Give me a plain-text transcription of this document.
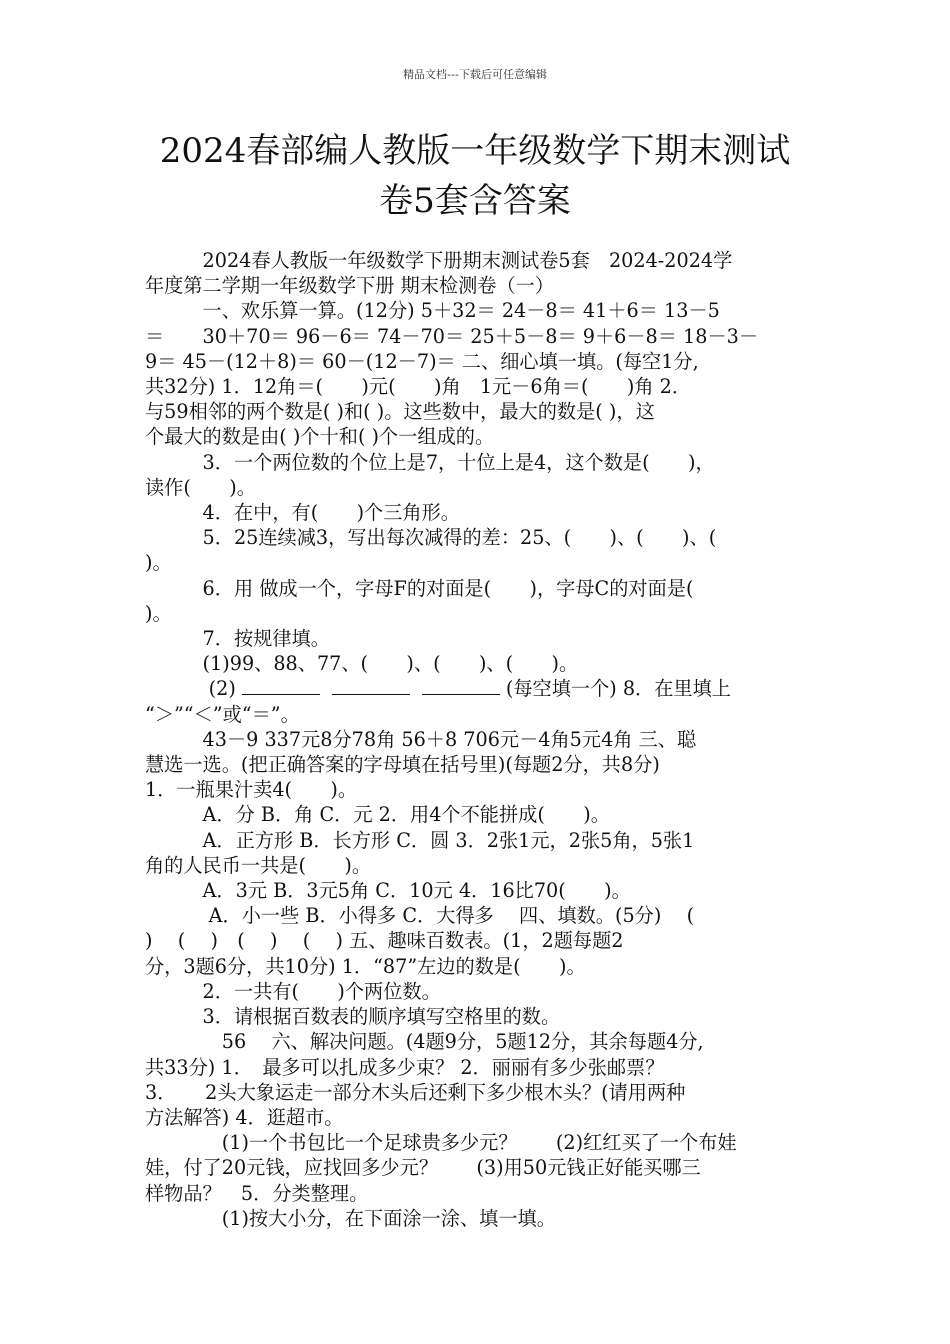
精品文档---下载后可任意编辑
2024春部编人教版一年级数学下期末测试
卷5套含答案

　　　2024春人教版一年级数学下册期末测试卷5套　2024-2024学

年度第二学期一年级数学下册 期末检测卷（一）

　　　一、欢乐算一算。(12分) 5＋32＝ 24－8＝ 41＋6＝ 13－5

＝　　30＋70＝ 96－6＝ 74－70＝ 25＋5－8＝ 9＋6－8＝ 18－3－

9＝ 45－(12＋8)＝ 60－(12－7)＝ 二、细心填一填。(每空1分,

共32分) 1．12角＝(　　)元(　　)角　1元－6角＝(　　)角 2．

与59相邻的两个数是( )和( )。这些数中，最大的数是( )，这

个最大的数是由( )个十和( )个一组成的。

　　　3．一个两位数的个位上是7，十位上是4，这个数是(　　)，

读作(　　)。

　　　4．在中，有(　　)个三角形。

　　　5．25连续减3，写出每次减得的差：25、(　　)、(　　)、(

)。

　　　6．用 做成一个，字母F的对面是(　　)，字母C的对面是(

)。

　　　7．按规律填。

　　　(1)99、88、77、(　　)、(　　)、(　　)。

　　　 (2)	(每空填一个) 8．在里填上

“＞”“＜”或“＝”。

　　　43－9 337元8分78角 56＋8 706元－4角5元4角 三、聪

慧选一选。(把正确答案的字母填在括号里)(每题2分，共8分)

1．一瓶果汁卖4(　　)。

　　　A．分 B．角 C．元 2．用4个不能拼成(　　)。

　　　A．正方形 B．长方形 C．圆 3．2张1元，2张5角，5张1

角的人民币一共是(　　)。

　　　A．3元 B．3元5角 C．10元 4．16比70(　　)。

　　　 A．小一些 B．小得多 C．大得多　 四、填数。(5分)　 (

)　 (　 )　(　 )　 (　 ) 五、趣味百数表。(1，2题每题2

分，3题6分，共10分) 1．“87”左边的数是(　　)。

　　　2．一共有(　　)个两位数。

　　　3．请根据百数表的顺序填写空格里的数。

　　　　56　 六、解决问题。(4题9分，5题12分，其余每题4分,

共33分) 1．　最多可以扎成多少束？ 2．丽丽有多少张邮票？

3．　　2头大象运走一部分木头后还剩下多少根木头？(请用两种

方法解答) 4．逛超市。

　　　　(1)一个书包比一个足球贵多少元？　　(2)红红买了一个布娃

娃，付了20元钱，应找回多少元？　　(3)用50元钱正好能买哪三

样物品？　5．分类整理。

　　　　(1)按大小分，在下面涂一涂、填一填。
